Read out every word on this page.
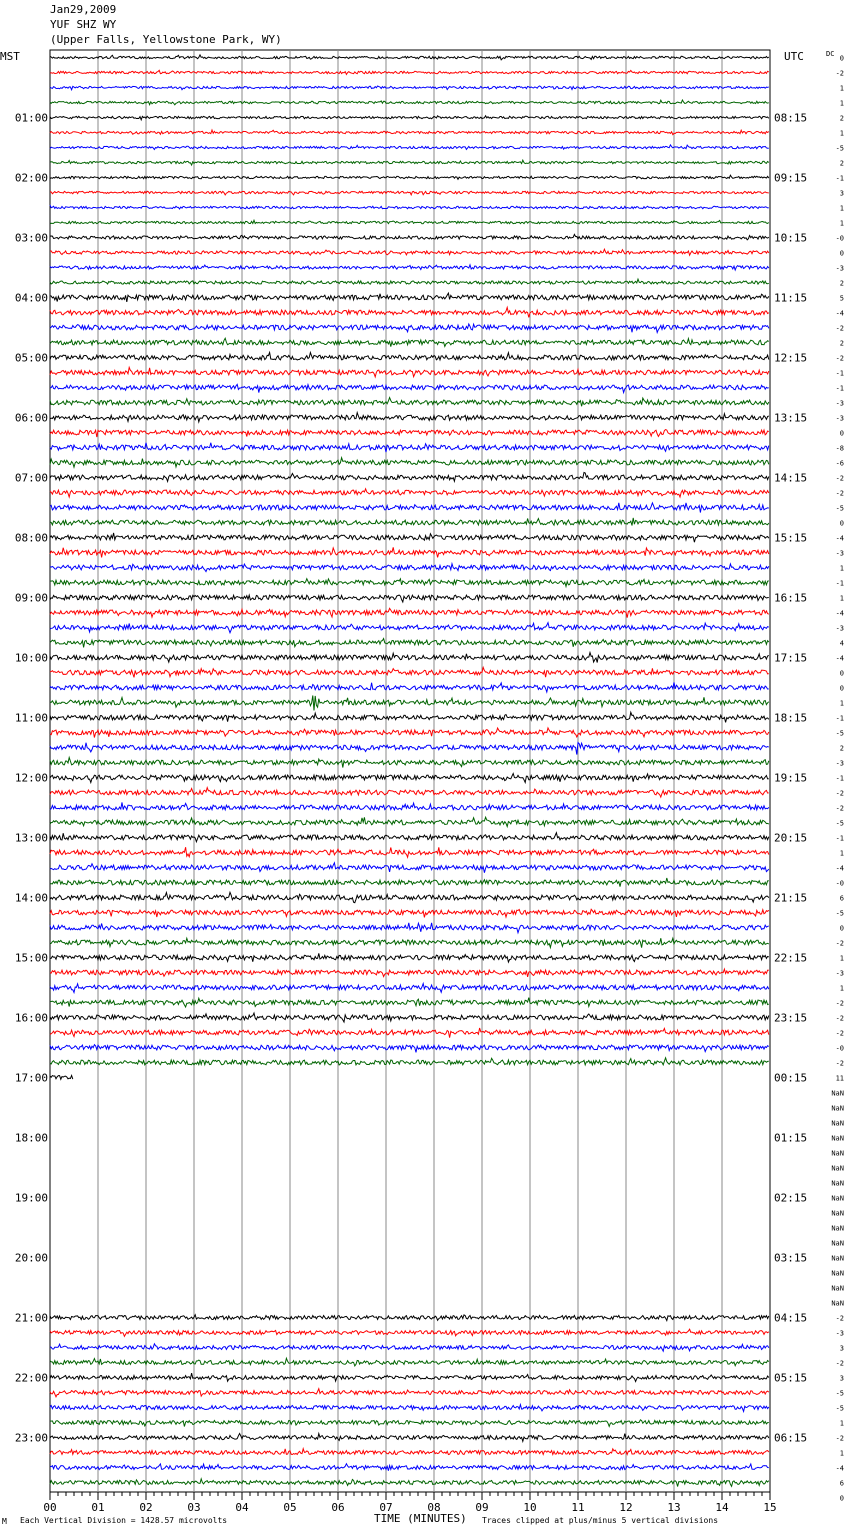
Jan29,2009
YUF SHZ WY
(Upper Falls, Yellowstone Park, WY)
00	01	02	03	04	05	06	07	08	09	10	11	12	13	14	15
01:00	08:15
02:00	09:15
03:00	10:15
04:00	11:15
05:00	12:15
06:00	13:15
07:00	14:15
08:00	15:15
09:00	16:15
10:00	17:15
11:00	18:15
12:00	19:15
13:00	20:15
14:00	21:15
15:00	22:15
16:00	23:15
17:00	00:15
18:00	01:15
19:00	02:15
20:00	03:15
21:00	04:15
22:00	05:15
23:00	06:15
MST	UTC	DC
0
-2
1
1
2
1
-5
2
-1
3
1
1
-0
0
-3
2
5
-4
-2
2
-2
-1
-1
-3
-3
0
-8
-6
-2
-2
-5
0
-4
-3
1
-1
1
-4
-3
4
-4
0
0
1
-1
-5
2
-3
-1
-2
-2
-5
-1
1
-4
-0
6
-5
0
-2
1
-3
1
-2
-2
-2
-0
-2
11
NaN
NaN
NaN
NaN
NaN
NaN
NaN
NaN
NaN
NaN
NaN
NaN
NaN
NaN
NaN
-2
-3
3
-2
3
-5
-5
1
-2
1
-4
6
0
M Each Vertical Division = 1428.57 microvolts	TIME (MINUTES) Traces clipped at plus/minus 5 vertical divisions
